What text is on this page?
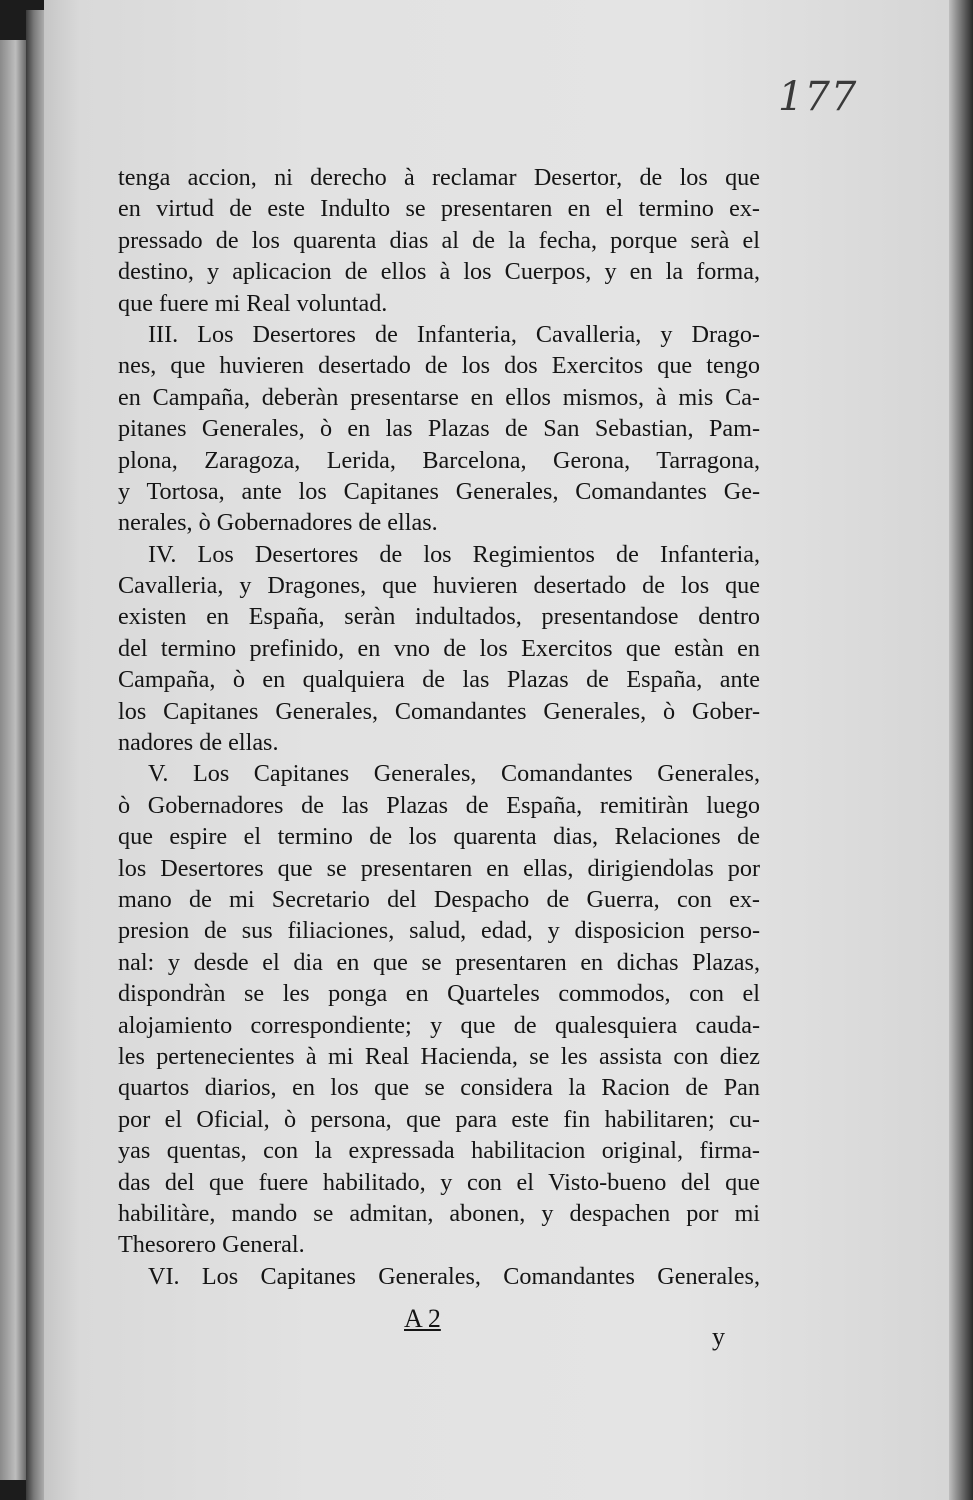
177
tenga accion, ni derecho à reclamar Desertor, de los que
en virtud de este Indulto se presentaren en el termino ex-
pressado de los quarenta dias al de la fecha, porque serà el
destino, y aplicacion de ellos à los Cuerpos, y en la forma,
que fuere mi Real voluntad.
III. Los Desertores de Infanteria, Cavalleria, y Drago-
nes, que huvieren desertado de los dos Exercitos que tengo
en Campaña, deberàn presentarse en ellos mismos, à mis Ca-
pitanes Generales, ò en las Plazas de San Sebastian, Pam-
plona, Zaragoza, Lerida, Barcelona, Gerona, Tarragona,
y Tortosa, ante los Capitanes Generales, Comandantes Ge-
nerales, ò Gobernadores de ellas.
IV. Los Desertores de los Regimientos de Infanteria,
Cavalleria, y Dragones, que huvieren desertado de los que
existen en España, seràn indultados, presentandose dentro
del termino prefinido, en vno de los Exercitos que estàn en
Campaña, ò en qualquiera de las Plazas de España, ante
los Capitanes Generales, Comandantes Generales, ò Gober-
nadores de ellas.
V. Los Capitanes Generales, Comandantes Generales,
ò Gobernadores de las Plazas de España, remitiràn luego
que espire el termino de los quarenta dias, Relaciones de
los Desertores que se presentaren en ellas, dirigiendolas por
mano de mi Secretario del Despacho de Guerra, con ex-
presion de sus filiaciones, salud, edad, y disposicion perso-
nal: y desde el dia en que se presentaren en dichas Plazas,
dispondràn se les ponga en Quarteles commodos, con el
alojamiento correspondiente; y que de qualesquiera cauda-
les pertenecientes à mi Real Hacienda, se les assista con diez
quartos diarios, en los que se considera la Racion de Pan
por el Oficial, ò persona, que para este fin habilitaren; cu-
yas quentas, con la expressada habilitacion original, firma-
das del que fuere habilitado, y con el Visto-bueno del que
habilitàre, mando se admitan, abonen, y despachen por mi
Thesorero General.
VI. Los Capitanes Generales, Comandantes Generales,
A 2
y
